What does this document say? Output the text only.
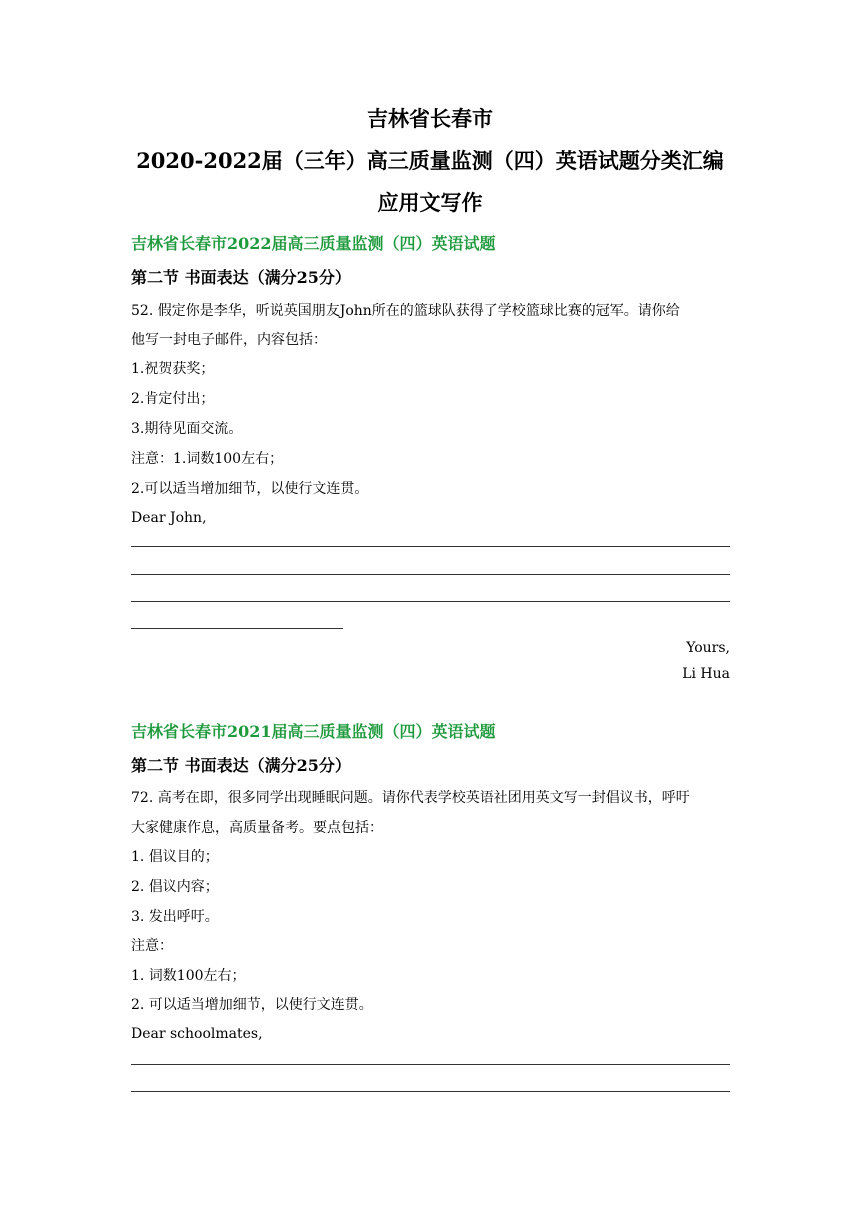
吉林省长春市
2020-2022届（三年）高三质量监测（四）英语试题分类汇编
应用文写作
吉林省长春市2022届高三质量监测（四）英语试题
第二节 书面表达（满分25分）
52. 假定你是李华，听说英国朋友John所在的篮球队获得了学校篮球比赛的冠军。请你给
他写一封电子邮件，内容包括：
1.祝贺获奖；
2.肯定付出；
3.期待见面交流。
注意：1.词数100左右；
2.可以适当增加细节，以使行文连贯。
Dear John,
Yours,
Li Hua
吉林省长春市2021届高三质量监测（四）英语试题
第二节 书面表达（满分25分）
72. 高考在即，很多同学出现睡眠问题。请你代表学校英语社团用英文写一封倡议书，呼吁
大家健康作息，高质量备考。要点包括：
1. 倡议目的；
2. 倡议内容；
3. 发出呼吁。
注意：
1. 词数100左右；
2. 可以适当增加细节，以使行文连贯。
Dear schoolmates,
